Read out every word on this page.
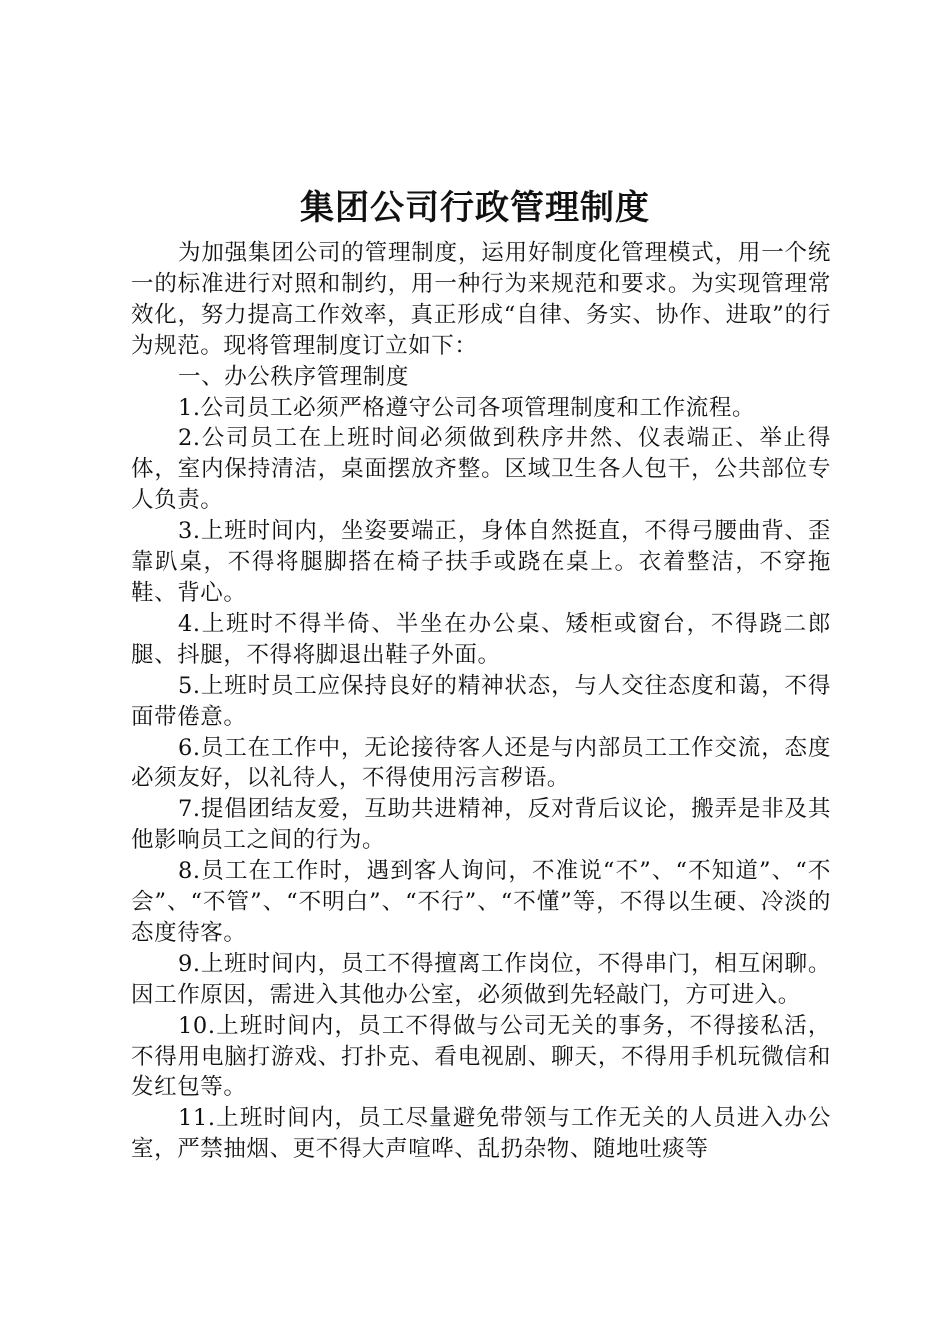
集团公司行政管理制度

为加强集团公司的管理制度，运用好制度化管理模式，用一个统一的标准进行对照和制约，用一种行为来规范和要求。为实现管理常效化，努力提高工作效率，真正形成“自律、务实、协作、进取”的行为规范。现将管理制度订立如下：

一、办公秩序管理制度

1.公司员工必须严格遵守公司各项管理制度和工作流程。

2.公司员工在上班时间必须做到秩序井然、仪表端正、举止得体，室内保持清洁，桌面摆放齐整。区域卫生各人包干，公共部位专人负责。

3.上班时间内，坐姿要端正，身体自然挺直，不得弓腰曲背、歪靠趴桌，不得将腿脚搭在椅子扶手或跷在桌上。衣着整洁，不穿拖鞋、背心。

4.上班时不得半倚、半坐在办公桌、矮柜或窗台，不得跷二郎腿、抖腿，不得将脚退出鞋子外面。

5.上班时员工应保持良好的精神状态，与人交往态度和蔼，不得面带倦意。

6.员工在工作中，无论接待客人还是与内部员工工作交流，态度必须友好，以礼待人，不得使用污言秽语。

7.提倡团结友爱，互助共进精神，反对背后议论，搬弄是非及其他影响员工之间的行为。

8.员工在工作时，遇到客人询问，不准说“不”、“不知道”、“不会”、“不管”、“不明白”、“不行”、“不懂”等，不得以生硬、冷淡的态度待客。

9.上班时间内，员工不得擅离工作岗位，不得串门，相互闲聊。因工作原因，需进入其他办公室，必须做到先轻敲门，方可进入。

10.上班时间内，员工不得做与公司无关的事务，不得接私活，不得用电脑打游戏、打扑克、看电视剧、聊天，不得用手机玩微信和发红包等。

11.上班时间内，员工尽量避免带领与工作无关的人员进入办公室，严禁抽烟、更不得大声喧哗、乱扔杂物、随地吐痰等
